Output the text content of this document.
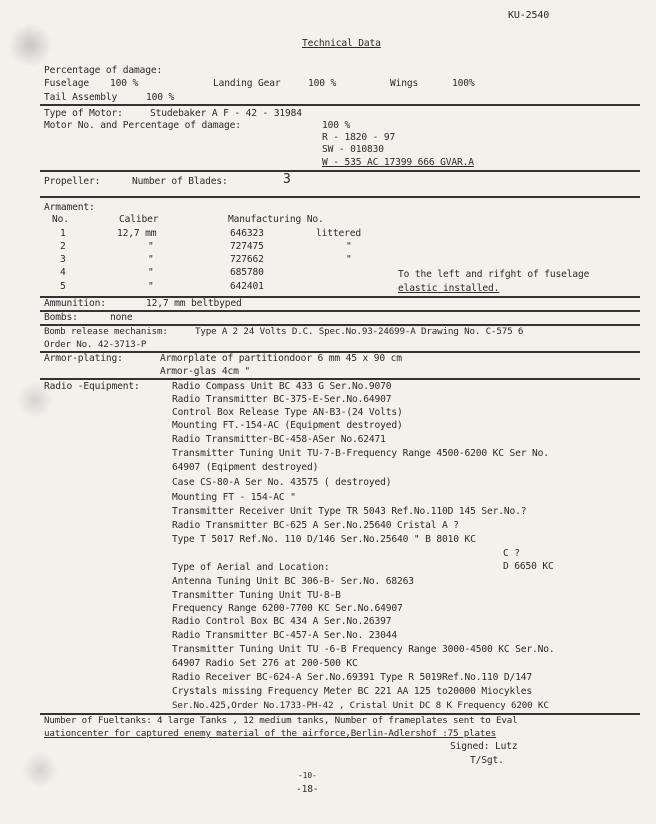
KU-2540
Technical Data
Percentage of damage:
Fuselage 100 %	Landing Gear	100 %	Wings	100%
Tail Assembly	100 %
Type of Motor:	Studebaker A F - 42 - 31984
Motor No. and Percentage of damage:	100 %
R - 1820 - 97
SW - 010830
W - 535 AC 17399 666 GVAR.A
Propeller:	Number of Blades:	3
Armament:
No.	Caliber	Manufacturing No.
1	12,7 mm	646323	littered
2	"	727475	"
3	"	727662	"
4	"	685780
5	"	642401
To the left and rifght of fuselage
elastic installed.
Ammunition:	12,7 mm beltbyped
Bombs:	none
Bomb release mechanism:	Type A 2 24 Volts D.C. Spec.No.93-24699-A Drawing No. C-575 6
Order No. 42-3713-P
Armor-plating:	Armorplate of partitiondoor 6 mm 45 x 90 cm
Armor-glas 4cm "
Radio -Equipment:	Radio Compass Unit BC 433 G Ser.No.9070
Radio Transmitter BC-375-E-Ser.No.64907
Control Box Release Type AN-B3-(24 Volts)
Mounting FT.-154-AC (Equipment destroyed)
Radio Transmitter-BC-458-ASer No.62471
Transmitter Tuning Unit TU-7-B-Frequency Range 4500-6200 KC Ser No.
64907 (Eqipment destroyed)
Case CS-80-A Ser No. 43575 ( destroyed)
Mounting FT - 154-AC "
Transmitter Receiver Unit Type TR 5043 Ref.No.110D 145 Ser.No.?
Radio Transmitter BC-625 A Ser.No.25640 Cristal A ?
Type T 5017 Ref.No. 110 D/146 Ser.No.25640 " B 8010 KC
C ?
D 6650 KC
Type of Aerial and Location:
Antenna Tuning Unit BC 306-B- Ser.No. 68263
Transmitter Tuning Unit TU-8-B
Frequency Range 6200-7700 KC Ser.No.64907
Radio Control Box BC 434 A Ser.No.26397
Radio Transmitter BC-457-A Ser.No. 23044
Transmitter Tuning Unit TU -6-B Frequency Range 3000-4500 KC Ser.No.
64907 Radio Set 276 at 200-500 KC
Radio Receiver BC-624-A Ser.No.69391 Type R 5019Ref.No.110 D/147
Crystals missing Frequency Meter BC 221 AA 125 to20000 Miocykles
Ser.No.425,Order No.1733-PH-42 , Cristal Unit DC 8 K Frequency 6200 KC
Number of Fueltanks: 4 large Tanks , 12 medium tanks, Number of frameplates sent to Eval
uationcenter for captured enemy material of the airforce,Berlin-Adlershof :75 plates
Signed: Lutz
T/Sgt.
-10-
-18-
